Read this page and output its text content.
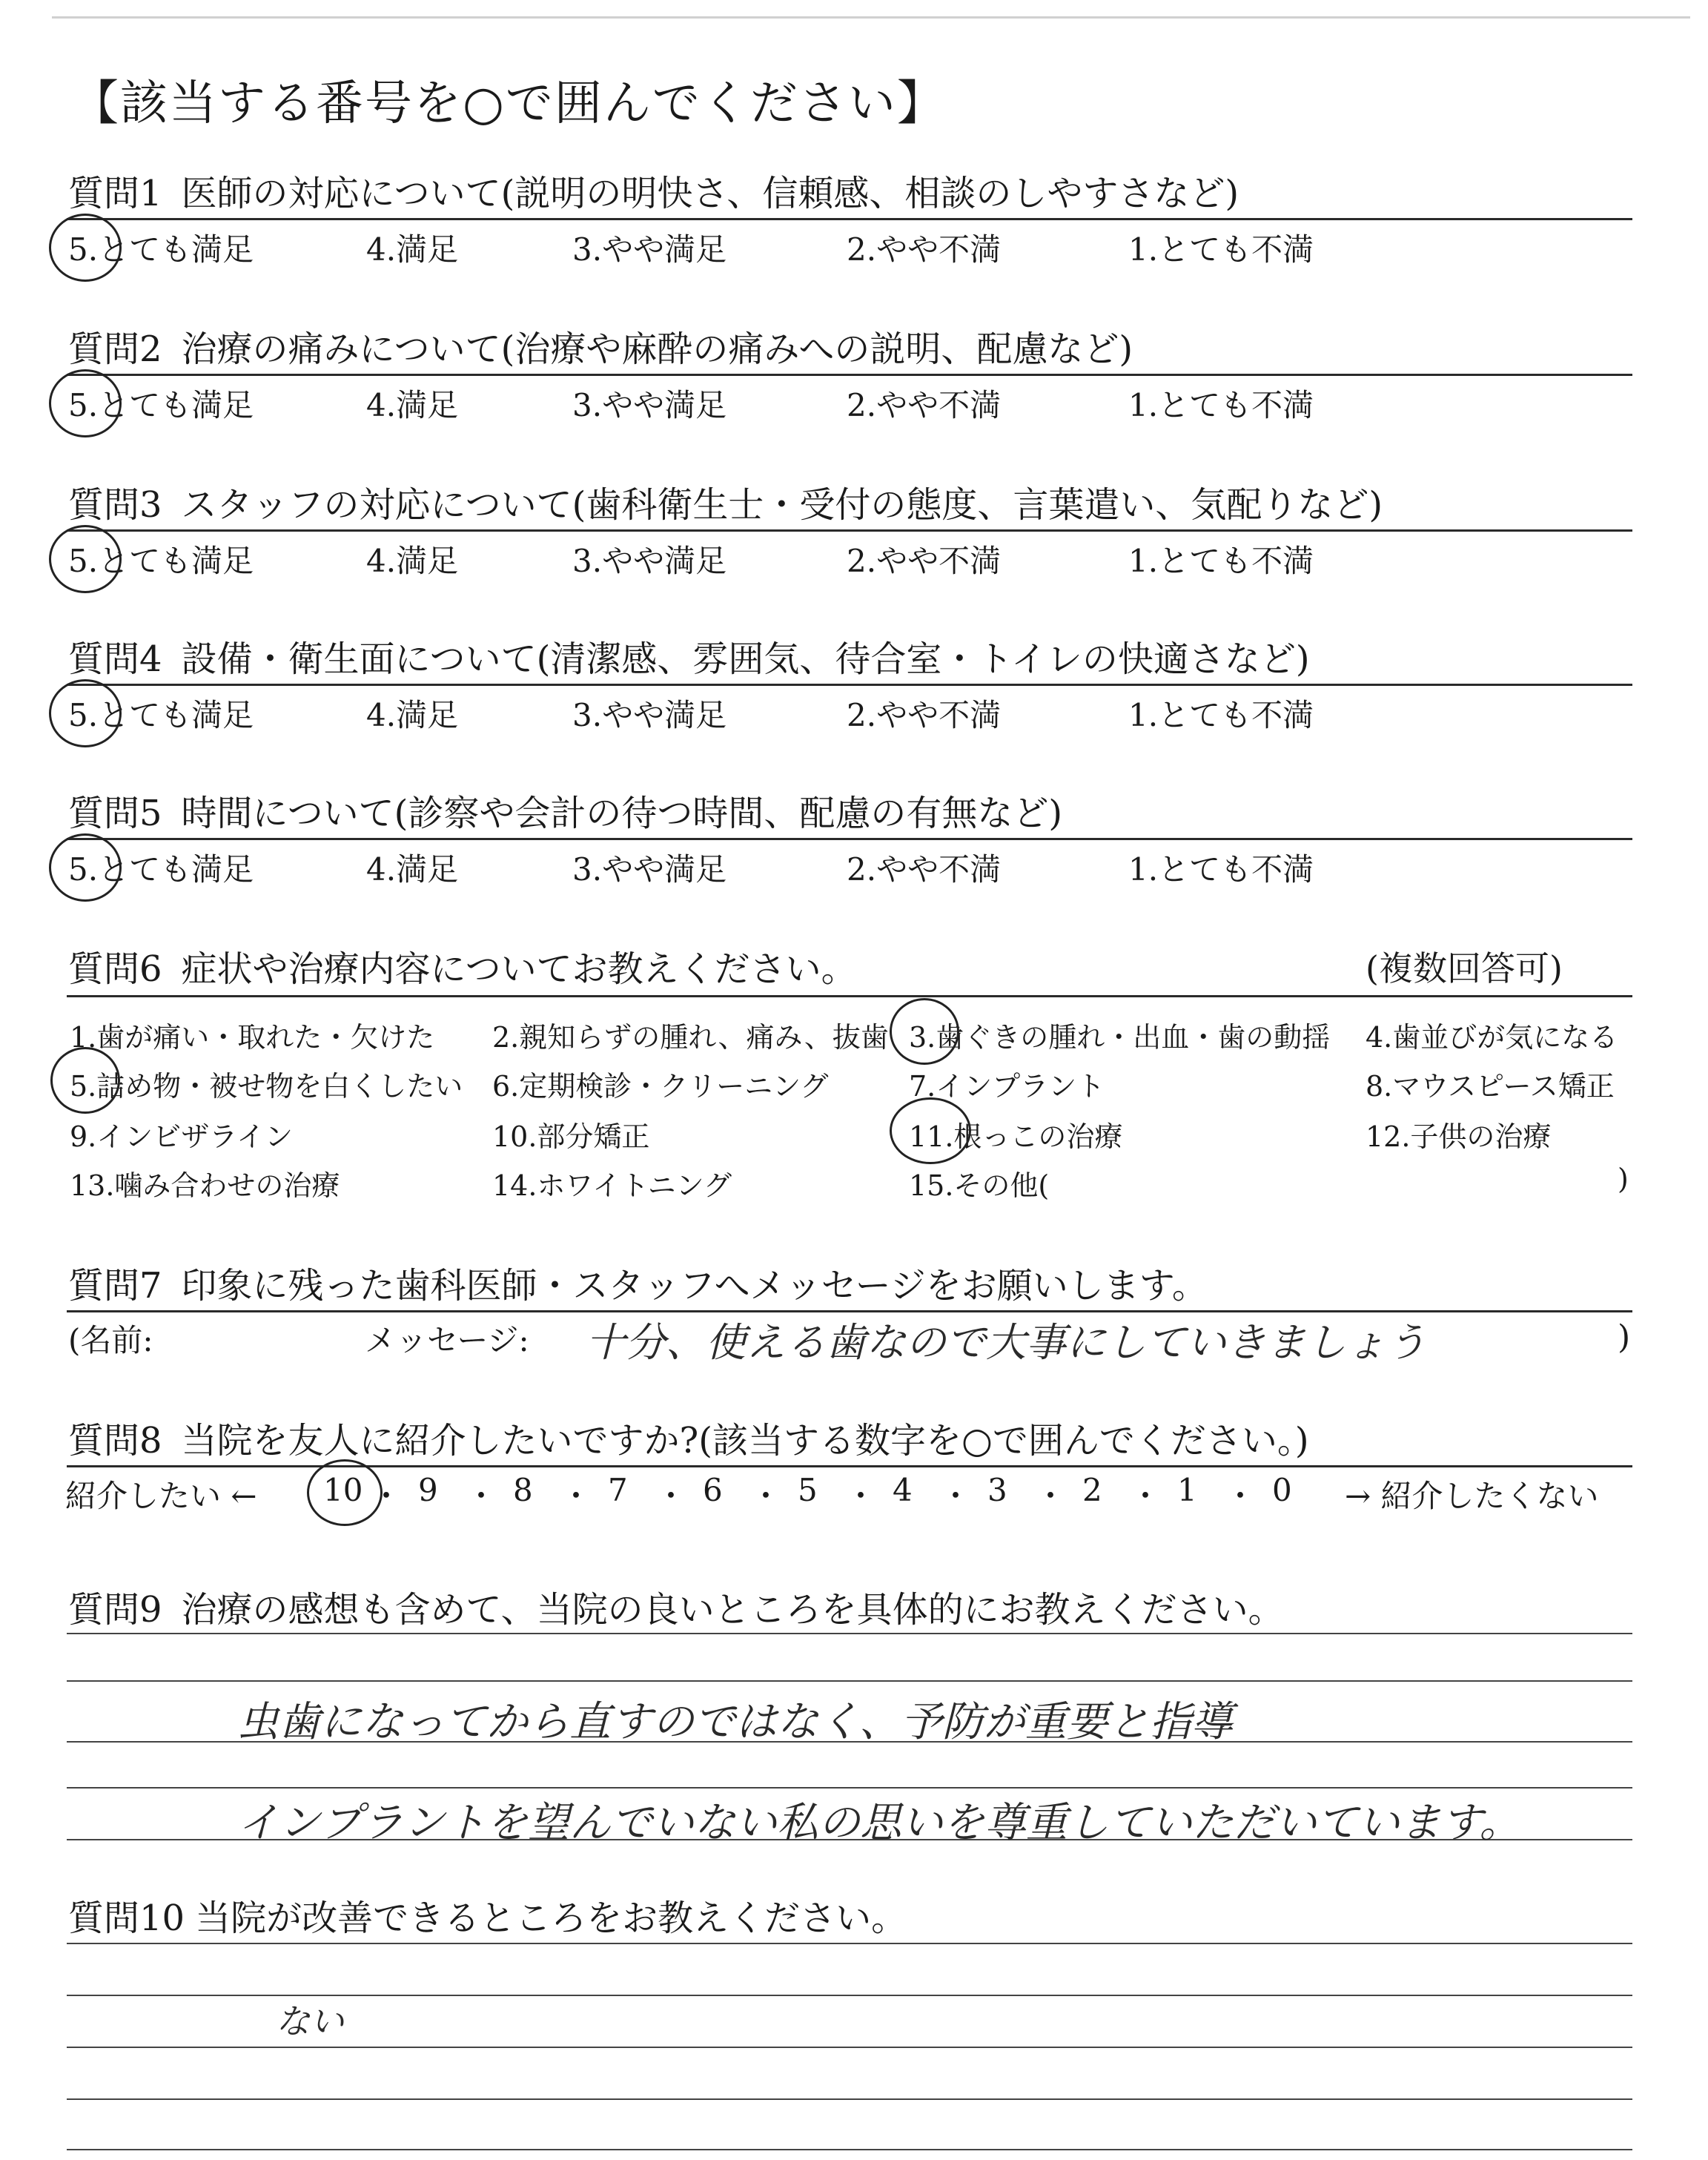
【該当する番号を○で囲んでください】
質問1 医師の対応について(説明の明快さ、信頼感、相談のしやすさなど)
5.とても満足	4.満足	3.やや満足	2.やや不満	1.とても不満
質問2 治療の痛みについて(治療や麻酔の痛みへの説明、配慮など)
5.とても満足	4.満足	3.やや満足	2.やや不満	1.とても不満
質問3 スタッフの対応について(歯科衛生士・受付の態度、言葉遣い、気配りなど)
5.とても満足	4.満足	3.やや満足	2.やや不満	1.とても不満
質問4 設備・衛生面について(清潔感、雰囲気、待合室・トイレの快適さなど)
5.とても満足	4.満足	3.やや満足	2.やや不満	1.とても不満
質問5 時間について(診察や会計の待つ時間、配慮の有無など)
5.とても満足	4.満足	3.やや満足	2.やや不満	1.とても不満
質問6 症状や治療内容についてお教えください。	(複数回答可)
1.歯が痛い・取れた・欠けた 2.親知らずの腫れ、痛み、抜歯 3.歯ぐきの腫れ・出血・歯の動揺 4.歯並びが気になる
5.詰め物・被せ物を白くしたい 6.定期検診・クリーニング	7.インプラント	8.マウスピース矯正
9.インビザライン	10.部分矯正	11.根っこの治療	12.子供の治療
13.噛み合わせの治療	14.ホワイトニング	15.その他(	)
質問7 印象に残った歯科医師・スタッフへメッセージをお願いします。
(名前:	メッセージ: 十分、使える歯なので大事にしていきましょう	)
質問8 当院を友人に紹介したいですか?(該当する数字を○で囲んでください。)
紹介したい ← 10 ・ 9 ・ 8 ・ 7 ・ 6 ・ 5 ・ 4 ・ 3 ・ 2 ・ 1 ・ 0 → 紹介したくない
質問9 治療の感想も含めて、当院の良いところを具体的にお教えください。
虫歯になってから直すのではなく、予防が重要と指導
インプラントを望んでいない私の思いを尊重していただいています。
質問10 当院が改善できるところをお教えください。
ない
